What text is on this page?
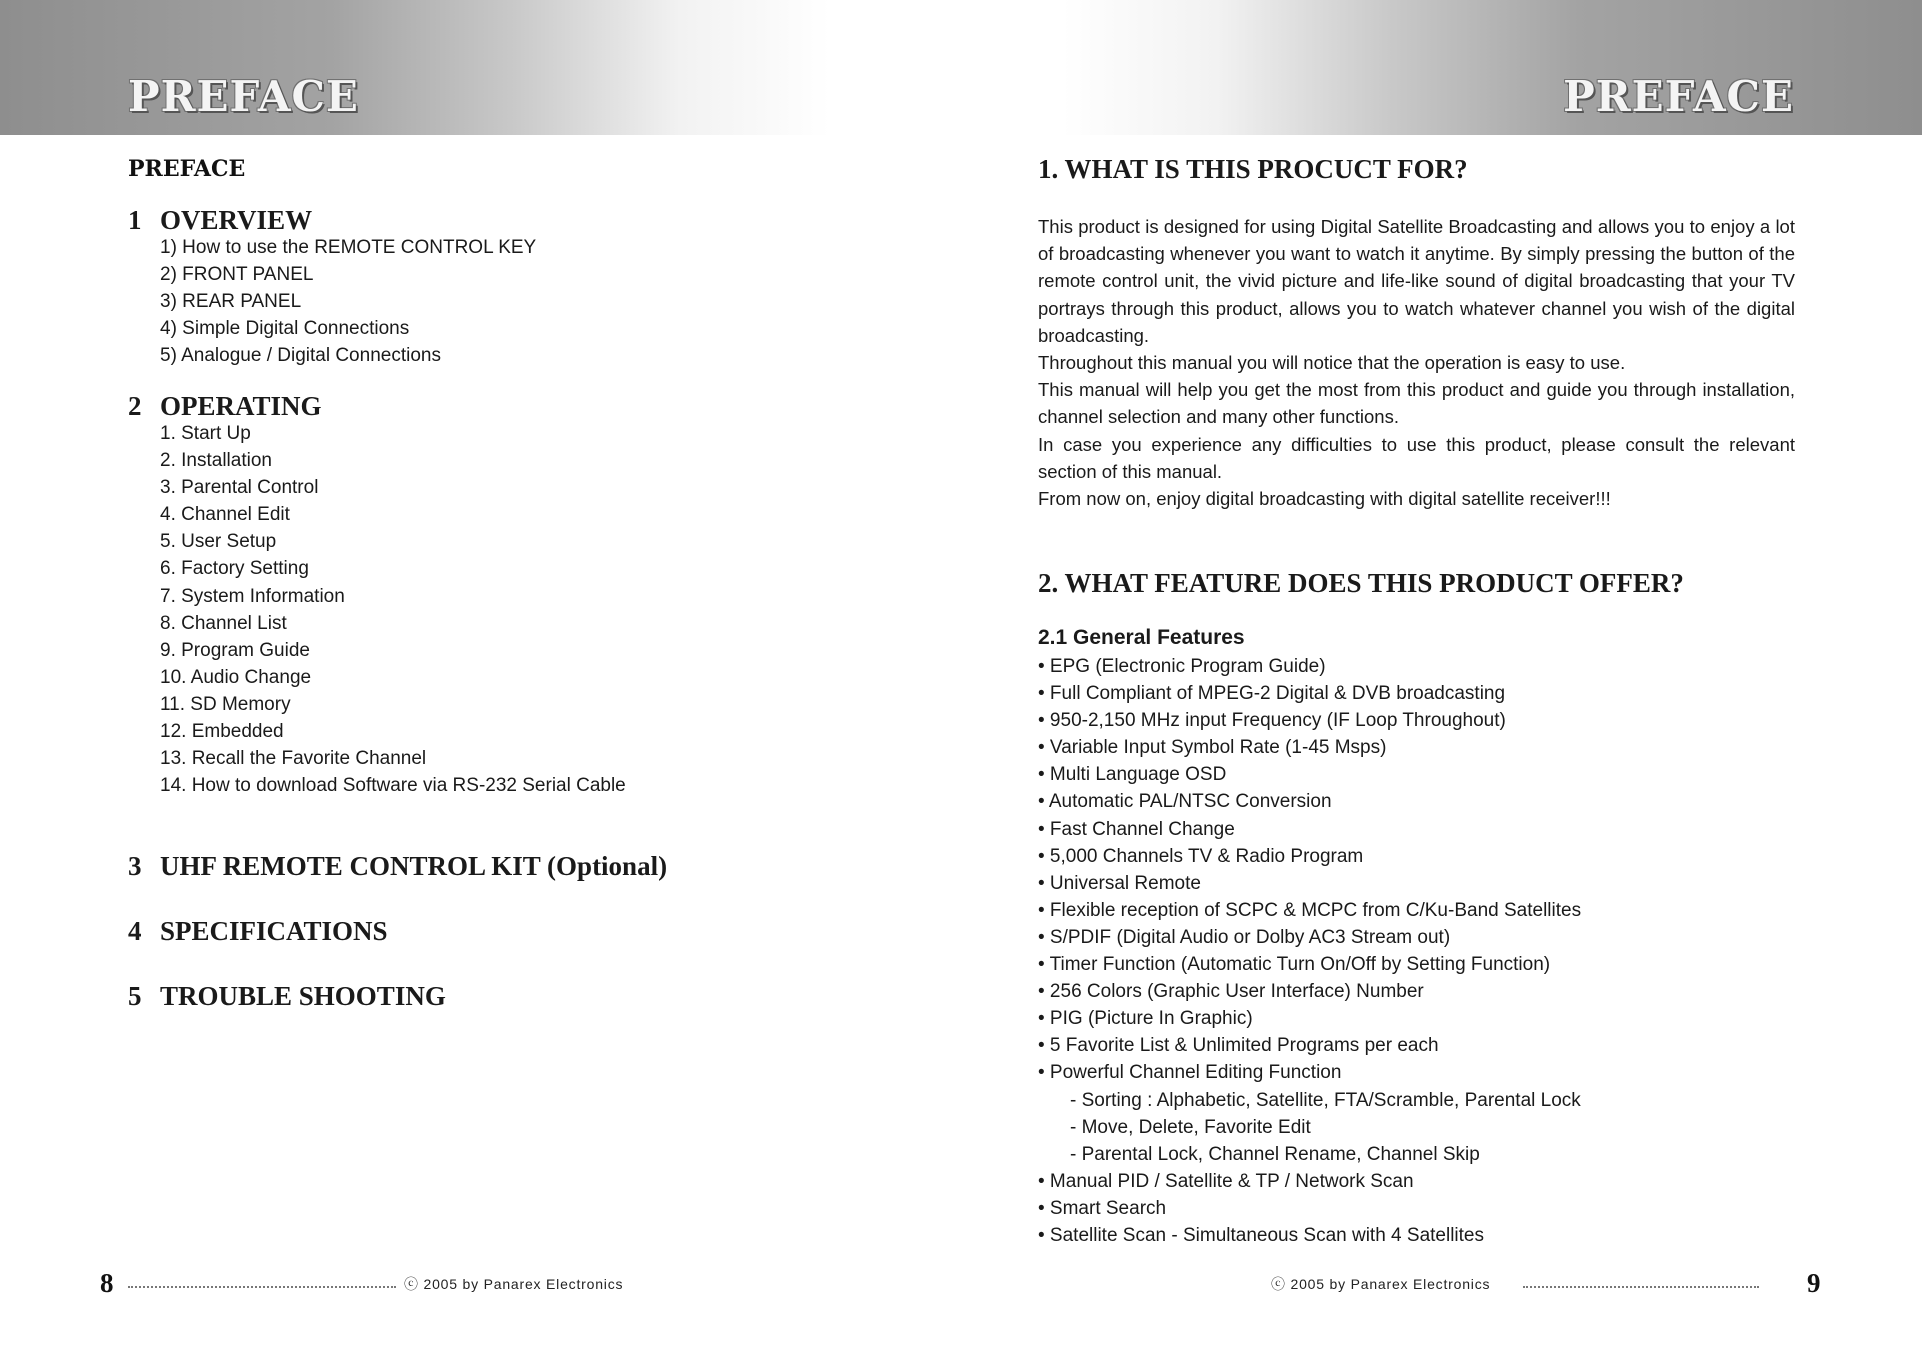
PREFACE
PREFACE
1 OVERVIEW
1) How to use the REMOTE CONTROL KEY
2) FRONT PANEL
3) REAR PANEL
4) Simple Digital Connections
5) Analogue / Digital Connections
2 OPERATING
1. Start Up
2. Installation
3. Parental Control
4. Channel Edit
5. User Setup
6. Factory Setting
7. System Information
8. Channel List
9. Program Guide
10. Audio Change
11. SD Memory
12. Embedded
13. Recall the Favorite Channel
14. How to download Software via RS-232 Serial Cable
3 UHF REMOTE CONTROL KIT (Optional)
4 SPECIFICATIONS
5 TROUBLE SHOOTING
8	ⓒ 2005 by Panarex Electronics
PREFACE
1. WHAT IS THIS PROCUCT FOR?

This product is designed for using Digital Satellite Broadcasting and allows you to enjoy a lot of broadcasting whenever you want to watch it anytime. By simply pressing the button of the remote control unit, the vivid picture and life-like sound of digital broadcasting that your TV portrays through this product, allows you to watch whatever channel you wish of the digital broadcasting.

Throughout this manual you will notice that the operation is easy to use.

This manual will help you get the most from this product and guide you through installation, channel selection and many other functions.

In case you experience any difficulties to use this product, please consult the relevant section of this manual.

From now on, enjoy digital broadcasting with digital satellite receiver!!!

2. WHAT FEATURE DOES THIS PRODUCT OFFER?
2.1 General Features
• EPG (Electronic Program Guide)
• Full Compliant of MPEG-2 Digital & DVB broadcasting
• 950-2,150 MHz input Frequency (IF Loop Throughout)
• Variable Input Symbol Rate (1-45 Msps)
• Multi Language OSD
• Automatic PAL/NTSC Conversion
• Fast Channel Change
• 5,000 Channels TV & Radio Program
• Universal Remote
• Flexible reception of SCPC & MCPC from C/Ku-Band Satellites
• S/PDIF (Digital Audio or Dolby AC3 Stream out)
• Timer Function (Automatic Turn On/Off by Setting Function)
• 256 Colors (Graphic User Interface) Number
• PIG (Picture In Graphic)
• 5 Favorite List & Unlimited Programs per each
• Powerful Channel Editing Function
- Sorting : Alphabetic, Satellite, FTA/Scramble, Parental Lock
- Move, Delete, Favorite Edit
- Parental Lock, Channel Rename, Channel Skip
• Manual PID / Satellite & TP / Network Scan
• Smart Search
• Satellite Scan - Simultaneous Scan with 4 Satellites
ⓒ 2005 by Panarex Electronics	9
